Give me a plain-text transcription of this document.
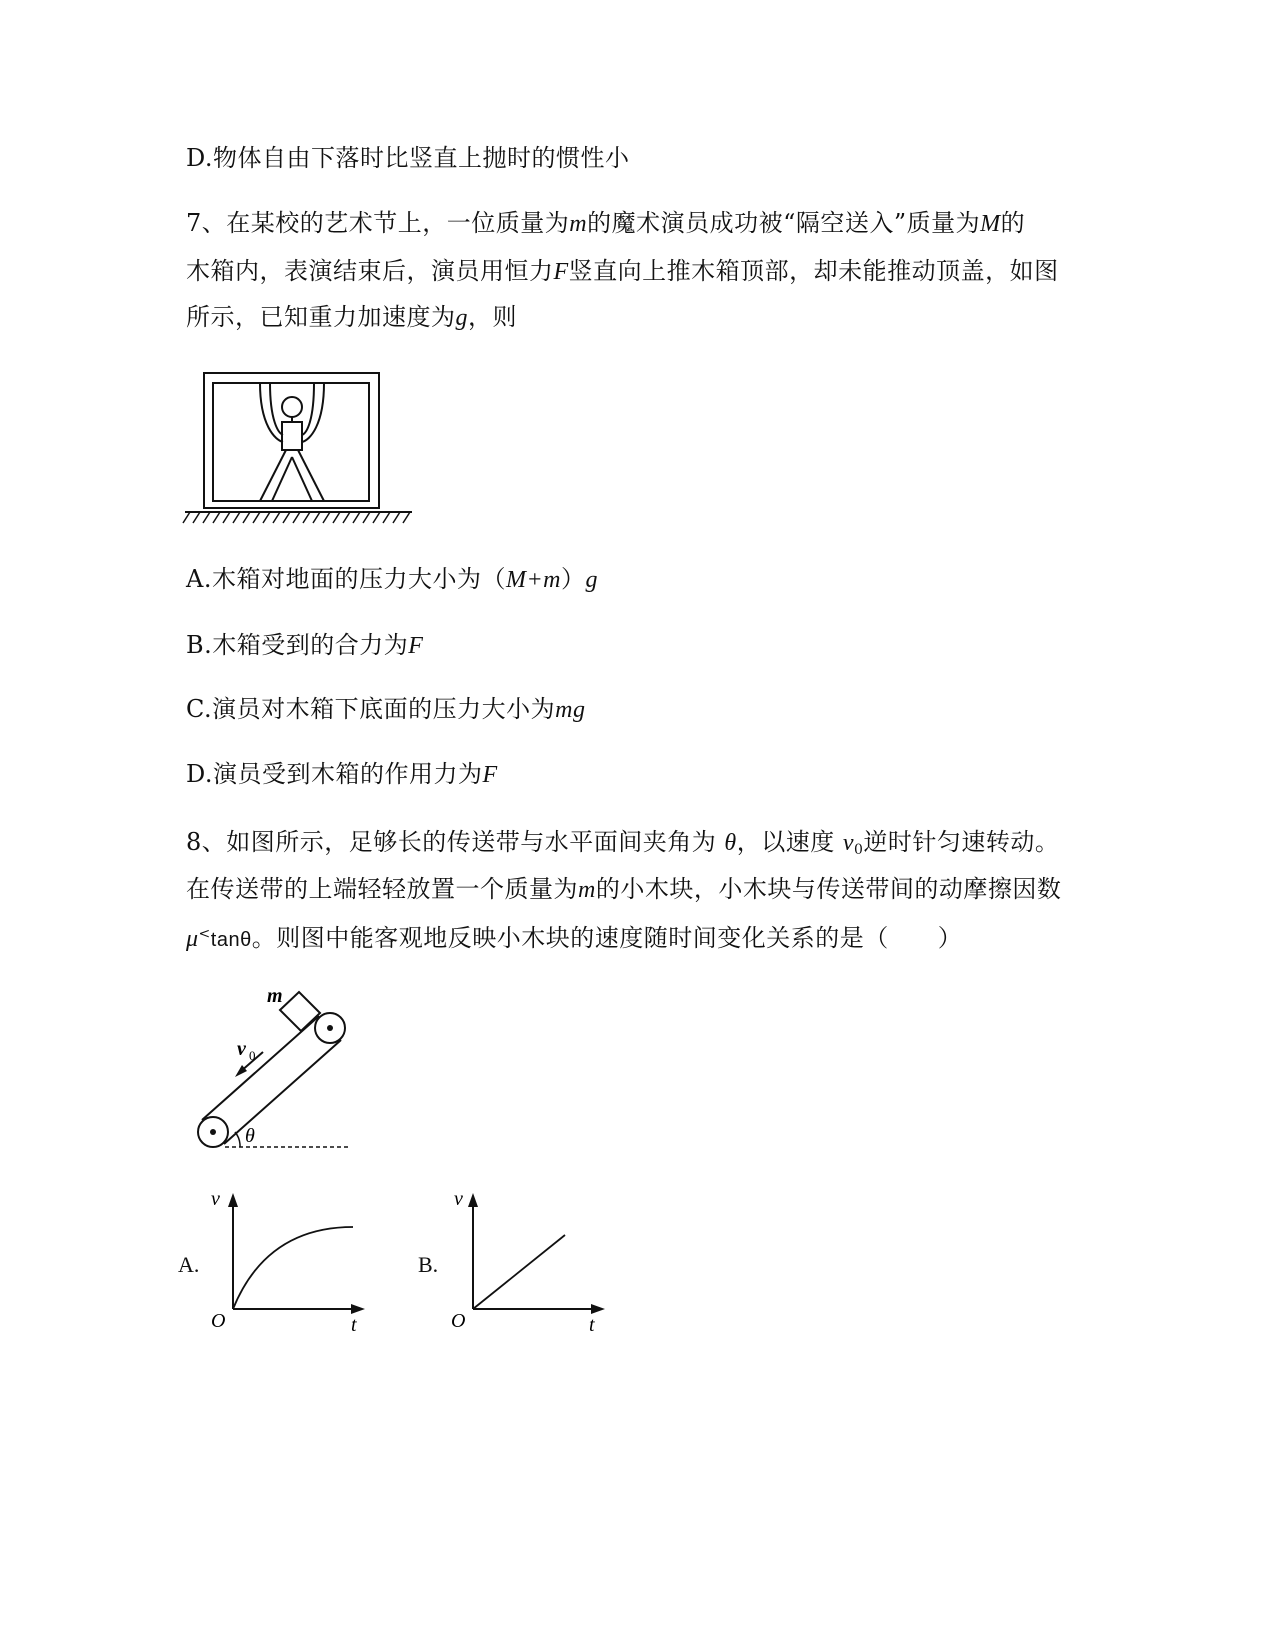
D.物体自由下落时比竖直上抛时的惯性小
7、在某校的艺术节上，一位质量为m的魔术演员成功被“隔空送入”质量为M的
木箱内，表演结束后，演员用恒力F竖直向上推木箱顶部，却未能推动顶盖，如图
所示，已知重力加速度为g，则
A.木箱对地面的压力大小为（M+m）g
B.木箱受到的合力为F
C.演员对木箱下底面的压力大小为mg
D.演员受到木箱的作用力为F
8、如图所示，足够长的传送带与水平面间夹角为 θ，以速度 $v_0$逆时针匀速转动。
在传送带的上端轻轻放置一个质量为m的小木块，小木块与传送带间的动摩擦因数
μ<tanθ。则图中能客观地反映小木块的速度随时间变化关系的是（　　）
m
v 0
θ
A.
v
t
O
B.
v
t
O
